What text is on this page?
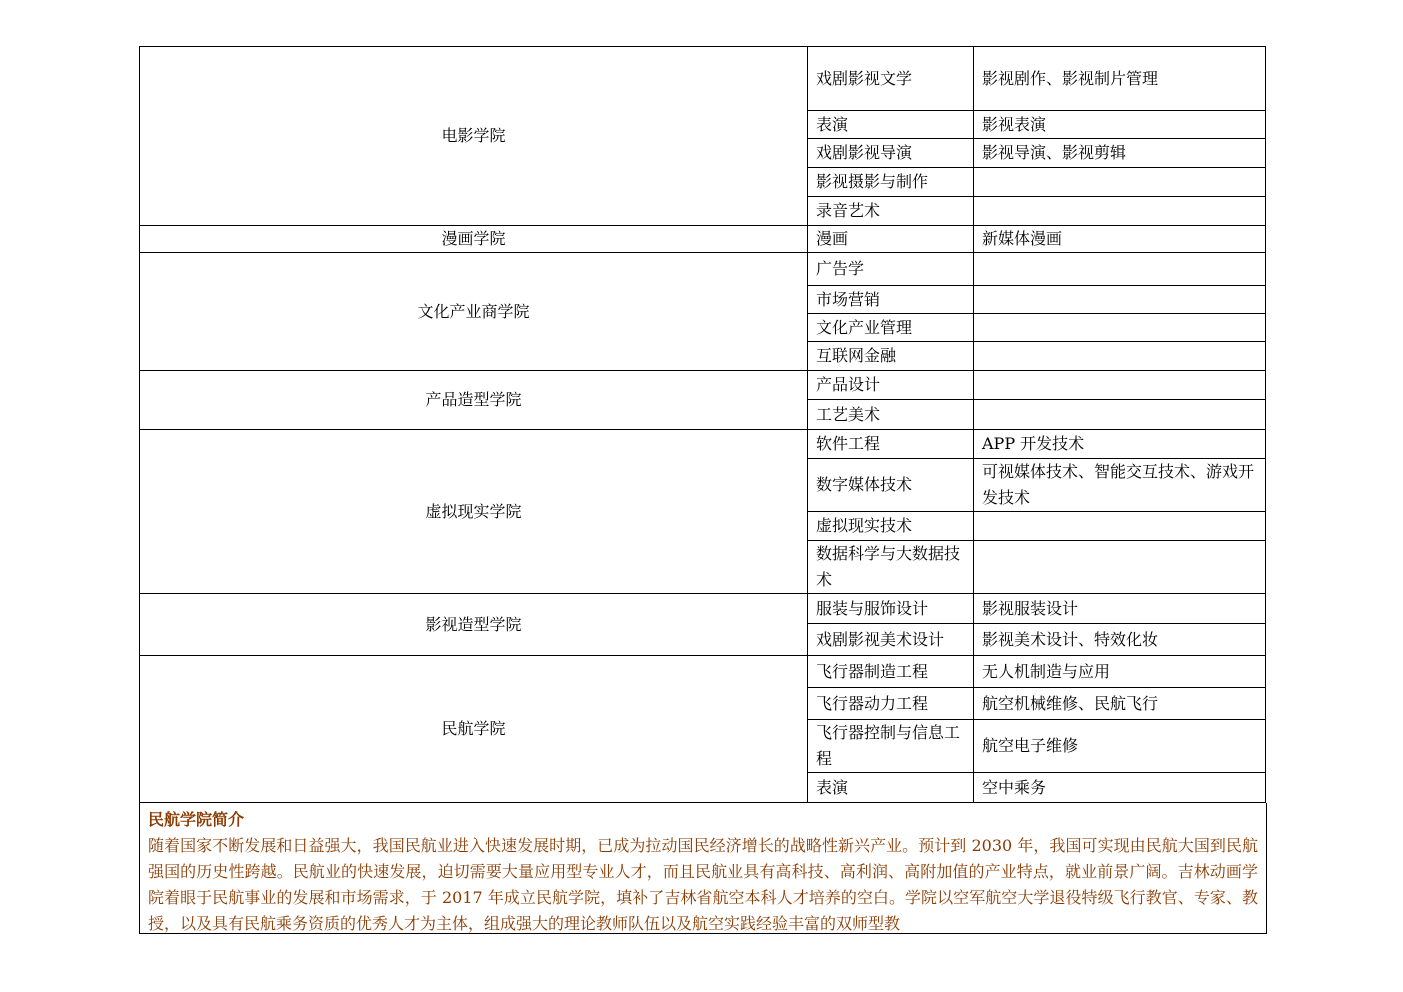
电影学院	戏剧影视文学	影视剧作、影视制片管理
	表演	影视表演
	戏剧影视导演	影视导演、影视剪辑
	影视摄影与制作	
	录音艺术	
漫画学院	漫画	新媒体漫画
文化产业商学院	广告学	
	市场营销	
	文化产业管理	
	互联网金融	
产品造型学院	产品设计	
	工艺美术	
虚拟现实学院	软件工程	APP 开发技术
	数字媒体技术	可视媒体技术、智能交互技术、游戏开发技术
	虚拟现实技术	
	数据科学与大数据技术	
影视造型学院	服装与服饰设计	影视服装设计
	戏剧影视美术设计	影视美术设计、特效化妆
民航学院	飞行器制造工程	无人机制造与应用
	飞行器动力工程	航空机械维修、民航飞行
	飞行器控制与信息工程	航空电子维修
	表演	空中乘务
民航学院简介
随着国家不断发展和日益强大，我国民航业进入快速发展时期，已成为拉动国民经济增长的战略性新兴产业。预计到 2030 年，我国可实现由民航大国到民航强国的历史性跨越。民航业的快速发展，迫切需要大量应用型专业人才，而且民航业具有高科技、高利润、高附加值的产业特点，就业前景广阔。吉林动画学院着眼于民航事业的发展和市场需求，于 2017 年成立民航学院，填补了吉林省航空本科人才培养的空白。学院以空军航空大学退役特级飞行教官、专家、教授，以及具有民航乘务资质的优秀人才为主体，组成强大的理论教师队伍以及航空实践经验丰富的双师型教
